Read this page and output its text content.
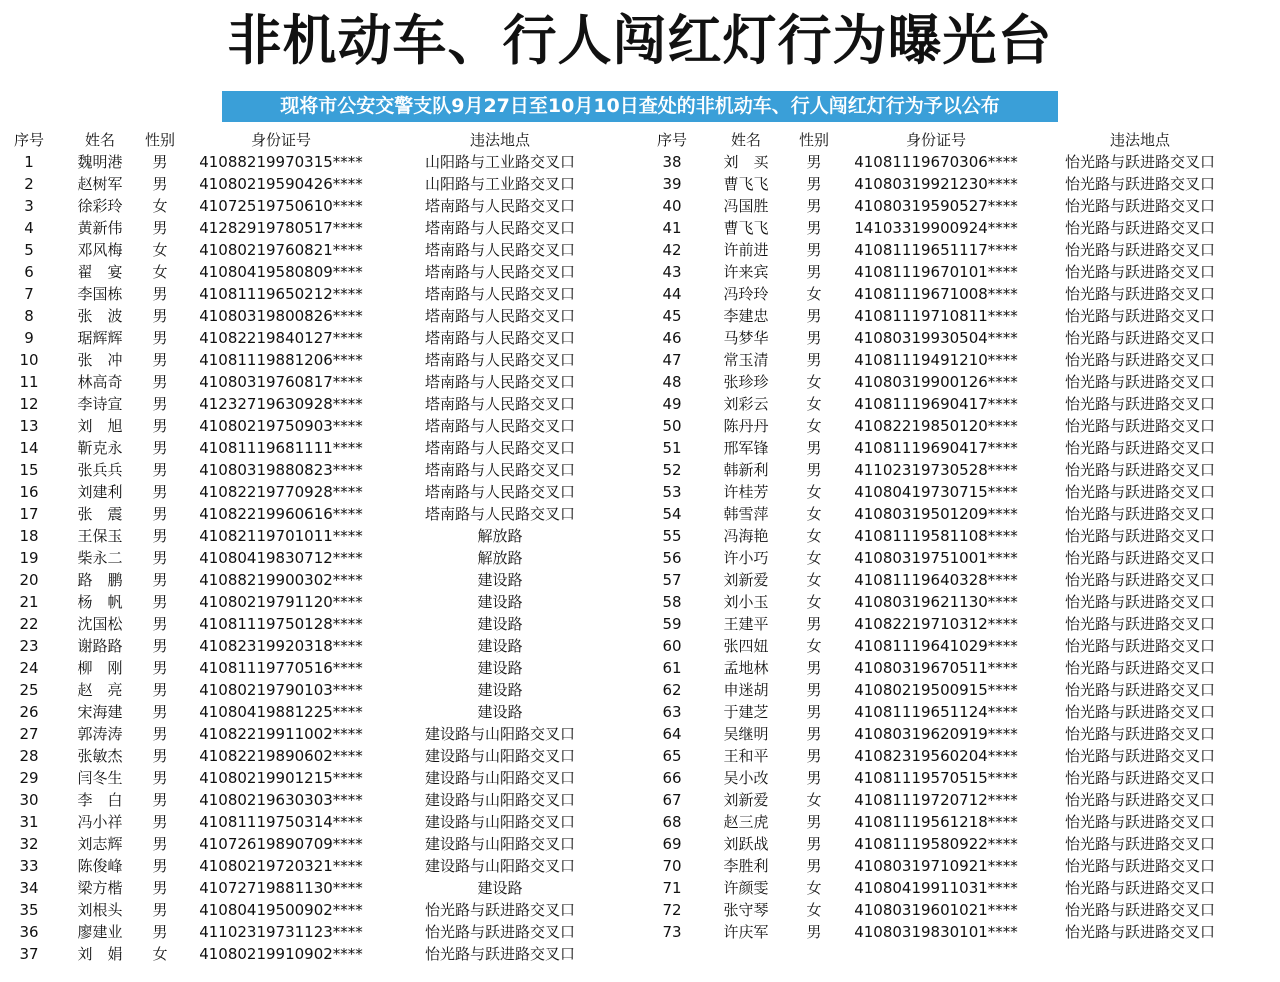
非机动车、行人闯红灯行为曝光台
现将市公安交警支队9月27日至10月10日查处的非机动车、行人闯红灯行为予以公布
序号	姓名	性别	身份证号	违法地点
1	魏明港	男	41088219970315****	山阳路与工业路交叉口
2	赵树军	男	41080219590426****	山阳路与工业路交叉口
3	徐彩玲	女	41072519750610****	塔南路与人民路交叉口
4	黄新伟	男	41282919780517****	塔南路与人民路交叉口
5	邓风梅	女	41080219760821****	塔南路与人民路交叉口
6	翟　宴	女	41080419580809****	塔南路与人民路交叉口
7	李国栋	男	41081119650212****	塔南路与人民路交叉口
8	张　波	男	41080319800826****	塔南路与人民路交叉口
9	琚辉辉	男	41082219840127****	塔南路与人民路交叉口
10	张　冲	男	41081119881206****	塔南路与人民路交叉口
11	林高奇	男	41080319760817****	塔南路与人民路交叉口
12	李诗宣	男	41232719630928****	塔南路与人民路交叉口
13	刘　旭	男	41080219750903****	塔南路与人民路交叉口
14	靳克永	男	41081119681111****	塔南路与人民路交叉口
15	张兵兵	男	41080319880823****	塔南路与人民路交叉口
16	刘建利	男	41082219770928****	塔南路与人民路交叉口
17	张　震	男	41082219960616****	塔南路与人民路交叉口
18	王保玉	男	41082119701011****	解放路
19	柴永二	男	41080419830712****	解放路
20	路　鹏	男	41088219900302****	建设路
21	杨　帆	男	41080219791120****	建设路
22	沈国松	男	41081119750128****	建设路
23	谢路路	男	41082319920318****	建设路
24	柳　刚	男	41081119770516****	建设路
25	赵　亮	男	41080219790103****	建设路
26	宋海建	男	41080419881225****	建设路
27	郭涛涛	男	41082219911002****	建设路与山阳路交叉口
28	张敏杰	男	41082219890602****	建设路与山阳路交叉口
29	闫冬生	男	41080219901215****	建设路与山阳路交叉口
30	李　白	男	41080219630303****	建设路与山阳路交叉口
31	冯小祥	男	41081119750314****	建设路与山阳路交叉口
32	刘志辉	男	41072619890709****	建设路与山阳路交叉口
33	陈俊峰	男	41080219720321****	建设路与山阳路交叉口
34	梁方楷	男	41072719881130****	建设路
35	刘根头	男	41080419500902****	怡光路与跃进路交叉口
36	廖建业	男	41102319731123****	怡光路与跃进路交叉口
37	刘　娟	女	41080219910902****	怡光路与跃进路交叉口
序号	姓名	性别	身份证号	违法地点
38	刘　买	男	41081119670306****	怡光路与跃进路交叉口
39	曹飞飞	男	41080319921230****	怡光路与跃进路交叉口
40	冯国胜	男	41080319590527****	怡光路与跃进路交叉口
41	曹飞飞	男	14103319900924****	怡光路与跃进路交叉口
42	许前进	男	41081119651117****	怡光路与跃进路交叉口
43	许来宾	男	41081119670101****	怡光路与跃进路交叉口
44	冯玲玲	女	41081119671008****	怡光路与跃进路交叉口
45	李建忠	男	41081119710811****	怡光路与跃进路交叉口
46	马梦华	男	41080319930504****	怡光路与跃进路交叉口
47	常玉清	男	41081119491210****	怡光路与跃进路交叉口
48	张珍珍	女	41080319900126****	怡光路与跃进路交叉口
49	刘彩云	女	41081119690417****	怡光路与跃进路交叉口
50	陈丹丹	女	41082219850120****	怡光路与跃进路交叉口
51	邢军锋	男	41081119690417****	怡光路与跃进路交叉口
52	韩新利	男	41102319730528****	怡光路与跃进路交叉口
53	许桂芳	女	41080419730715****	怡光路与跃进路交叉口
54	韩雪萍	女	41080319501209****	怡光路与跃进路交叉口
55	冯海艳	女	41081119581108****	怡光路与跃进路交叉口
56	许小巧	女	41080319751001****	怡光路与跃进路交叉口
57	刘新爱	女	41081119640328****	怡光路与跃进路交叉口
58	刘小玉	女	41080319621130****	怡光路与跃进路交叉口
59	王建平	男	41082219710312****	怡光路与跃进路交叉口
60	张四妞	女	41081119641029****	怡光路与跃进路交叉口
61	孟地林	男	41080319670511****	怡光路与跃进路交叉口
62	申迷胡	男	41080219500915****	怡光路与跃进路交叉口
63	于建芝	男	41081119651124****	怡光路与跃进路交叉口
64	吴继明	男	41080319620919****	怡光路与跃进路交叉口
65	王和平	男	41082319560204****	怡光路与跃进路交叉口
66	吴小改	男	41081119570515****	怡光路与跃进路交叉口
67	刘新爱	女	41081119720712****	怡光路与跃进路交叉口
68	赵三虎	男	41081119561218****	怡光路与跃进路交叉口
69	刘跃战	男	41081119580922****	怡光路与跃进路交叉口
70	李胜利	男	41080319710921****	怡光路与跃进路交叉口
71	许颜雯	女	41080419911031****	怡光路与跃进路交叉口
72	张守琴	女	41080319601021****	怡光路与跃进路交叉口
73	许庆军	男	41080319830101****	怡光路与跃进路交叉口
